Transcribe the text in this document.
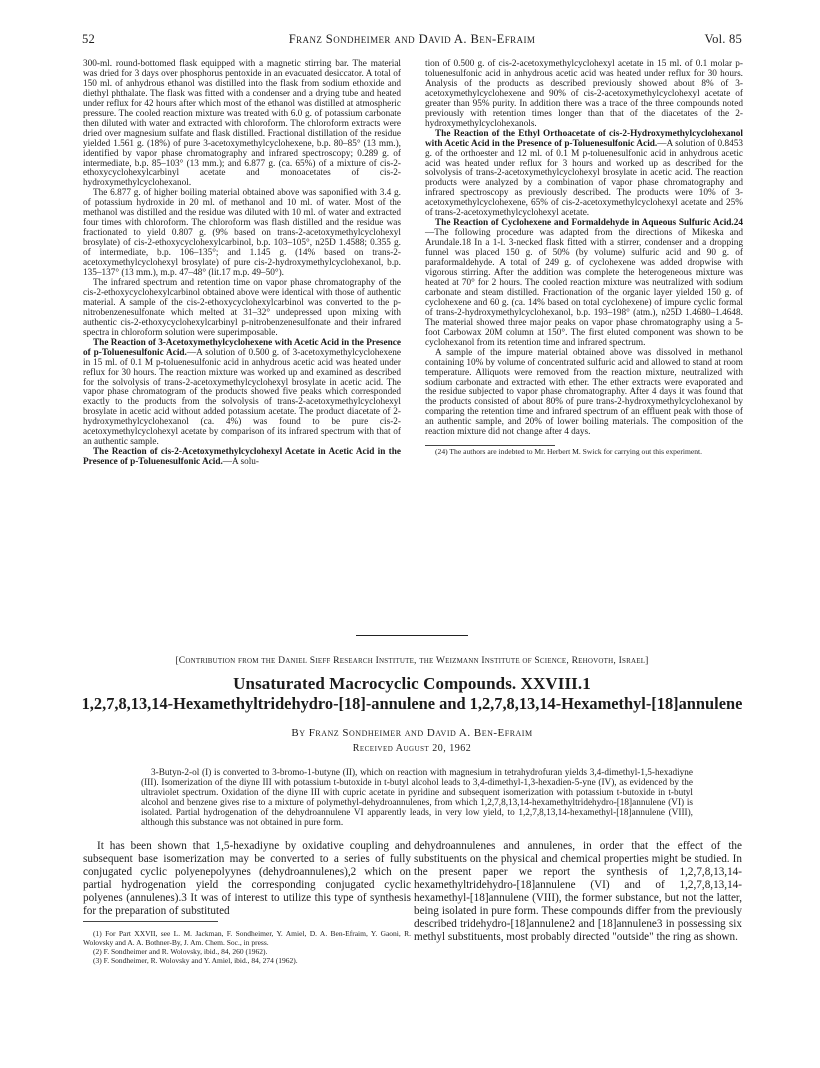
52	Franz Sondheimer and David A. Ben-Efraim	Vol. 85

300-ml. round-bottomed flask equipped with a magnetic stirring bar. The material was dried for 3 days over phosphorus pentoxide in an evacuated desiccator. A total of 150 ml. of anhydrous ethanol was distilled into the flask from sodium ethoxide and diethyl phthalate. The flask was fitted with a condenser and a drying tube and heated under reflux for 42 hours after which most of the ethanol was distilled at atmospheric pressure. The cooled reaction mixture was treated with 6.0 g. of potassium carbonate then diluted with water and extracted with chloroform. The chloroform extracts were dried over magnesium sulfate and flask distilled. Fractional distillation of the residue yielded 1.561 g. (18%) of pure 3-acetoxymethylcyclohexene, b.p. 80–85° (13 mm.), identified by vapor phase chromatography and infrared spectroscopy; 0.289 g. of intermediate, b.p. 85–103° (13 mm.); and 6.877 g. (ca. 65%) of a mixture of cis-2-ethoxycyclohexylcarbinyl acetate and monoacetates of cis-2-hydroxymethylcyclohexanol.

The 6.877 g. of higher boiling material obtained above was saponified with 3.4 g. of potassium hydroxide in 20 ml. of methanol and 10 ml. of water. Most of the methanol was distilled and the residue was diluted with 10 ml. of water and extracted four times with chloroform. The chloroform was flash distilled and the residue was fractionated to yield 0.807 g. (9% based on trans-2-acetoxymethylcyclohexyl brosylate) of cis-2-ethoxycyclohexylcarbinol, b.p. 103–105°, n25D 1.4588; 0.355 g. of intermediate, b.p. 106–135°; and 1.145 g. (14% based on trans-2-acetoxymethylcyclohexyl brosylate) of pure cis-2-hydroxymethylcyclohexanol, b.p. 135–137° (13 mm.), m.p. 47–48° (lit.17 m.p. 49–50°).

The infrared spectrum and retention time on vapor phase chromatography of the cis-2-ethoxycyclohexylcarbinol obtained above were identical with those of authentic material. A sample of the cis-2-ethoxycyclohexylcarbinol was converted to the p-nitrobenzenesulfonate which melted at 31–32° undepressed upon mixing with authentic cis-2-ethoxycyclohexylcarbinyl p-nitrobenzenesulfonate and their infrared spectra in chloroform solution were superimposable.

The Reaction of 3-Acetoxymethylcyclohexene with Acetic Acid in the Presence of p-Toluenesulfonic Acid.—A solution of 0.500 g. of 3-acetoxymethylcyclohexene in 15 ml. of 0.1 M p-toluenesulfonic acid in anhydrous acetic acid was heated under reflux for 30 hours. The reaction mixture was worked up and examined as described for the solvolysis of trans-2-acetoxymethylcyclohexyl brosylate in acetic acid. The vapor phase chromatogram of the products showed five peaks which corresponded exactly to the products from the solvolysis of trans-2-acetoxymethylcyclohexyl brosylate in acetic acid without added potassium acetate. The product diacetate of 2-hydroxymethylcyclohexanol (ca. 4%) was found to be pure cis-2-acetoxymethylcyclohexyl acetate by comparison of its infrared spectrum with that of an authentic sample.

The Reaction of cis-2-Acetoxymethylcyclohexyl Acetate in Acetic Acid in the Presence of p-Toluenesulfonic Acid.—A solu-

tion of 0.500 g. of cis-2-acetoxymethylcyclohexyl acetate in 15 ml. of 0.1 molar p-toluenesulfonic acid in anhydrous acetic acid was heated under reflux for 30 hours. Analysis of the products as described previously showed about 8% of 3-acetoxymethylcyclohexene and 90% of cis-2-acetoxymethylcyclohexyl acetate of greater than 95% purity. In addition there was a trace of the three compounds noted previously with retention times longer than that of the diacetates of the 2-hydroxymethylcyclohexanols.

The Reaction of the Ethyl Orthoacetate of cis-2-Hydroxymethylcyclohexanol with Acetic Acid in the Presence of p-Toluenesulfonic Acid.—A solution of 0.8453 g. of the orthoester and 12 ml. of 0.1 M p-toluenesulfonic acid in anhydrous acetic acid was heated under reflux for 3 hours and worked up as described for the solvolysis of trans-2-acetoxymethylcyclohexyl brosylate in acetic acid. The reaction products were analyzed by a combination of vapor phase chromatography and infrared spectroscopy as previously described. The products were 10% of 3-acetoxymethylcyclohexene, 65% of cis-2-acetoxymethylcyclohexyl acetate and 25% of trans-2-acetoxymethylcyclohexyl acetate.

The Reaction of Cyclohexene and Formaldehyde in Aqueous Sulfuric Acid.24—The following procedure was adapted from the directions of Mikeska and Arundale.18 In a 1-l. 3-necked flask fitted with a stirrer, condenser and a dropping funnel was placed 150 g. of 50% (by volume) sulfuric acid and 90 g. of paraformaldehyde. A total of 249 g. of cyclohexene was added dropwise with vigorous stirring. After the addition was complete the heterogeneous mixture was heated at 70° for 2 hours. The cooled reaction mixture was neutralized with sodium carbonate and steam distilled. Fractionation of the organic layer yielded 150 g. of cyclohexene and 60 g. (ca. 14% based on total cyclohexene) of impure cyclic formal of trans-2-hydroxymethylcyclohexanol, b.p. 193–198° (atm.), n25D 1.4680–1.4648. The material showed three major peaks on vapor phase chromatography using a 5-foot Carbowax 20M column at 150°. The first eluted component was shown to be cyclohexanol from its retention time and infrared spectrum.

A sample of the impure material obtained above was dissolved in methanol containing 10% by volume of concentrated sulfuric acid and allowed to stand at room temperature. Alliquots were removed from the reaction mixture, neutralized with sodium carbonate and extracted with ether. The ether extracts were evaporated and the residue subjected to vapor phase chromatography. After 4 days it was found that the products consisted of about 80% of pure trans-2-hydroxymethylcyclohexanol by comparing the retention time and infrared spectrum of an effluent peak with those of an authentic sample, and 20% of lower boiling materials. The composition of the reaction mixture did not change after 4 days.

(24) The authors are indebted to Mr. Herbert M. Swick for carrying out this experiment.

[Contribution from the Daniel Sieff Research Institute, the Weizmann Institute of Science, Rehovoth, Israel]
Unsaturated Macrocyclic Compounds. XXVIII.1
1,2,7,8,13,14-Hexamethyltridehydro-[18]-annulene and 1,2,7,8,13,14-Hexamethyl-[18]annulene
By Franz Sondheimer and David A. Ben-Efraim
Received August 20, 1962

3-Butyn-2-ol (I) is converted to 3-bromo-1-butyne (II), which on reaction with magnesium in tetrahydrofuran yields 3,4-dimethyl-1,5-hexadiyne (III). Isomerization of the diyne III with potassium t-butoxide in t-butyl alcohol leads to 3,4-dimethyl-1,3-hexadien-5-yne (IV), as evidenced by the ultraviolet spectrum. Oxidation of the diyne III with cupric acetate in pyridine and subsequent isomerization with potassium t-butoxide in t-butyl alcohol and benzene gives rise to a mixture of polymethyl-dehydroannulenes, from which 1,2,7,8,13,14-hexamethyltridehydro-[18]annulene (VI) is isolated. Partial hydrogenation of the dehydroannulene VI apparently leads, in very low yield, to 1,2,7,8,13,14-hexamethyl-[18]annulene (VIII), although this substance was not obtained in pure form.

It has been shown that 1,5-hexadiyne by oxidative coupling and subsequent base isomerization may be converted to a series of fully conjugated cyclic polyenepolyynes (dehydroannulenes),2 which on partial hydrogenation yield the corresponding conjugated cyclic polyenes (annulenes).3 It was of interest to utilize this type of synthesis for the preparation of substituted

(1) For Part XXVII, see L. M. Jackman, F. Sondheimer, Y. Amiel, D. A. Ben-Efraim, Y. Gaoni, R. Wolovsky and A. A. Bothner-By, J. Am. Chem. Soc., in press.
(2) F. Sondheimer and R. Wolovsky, ibid., 84, 260 (1962).
(3) F. Sondheimer, R. Wolovsky and Y. Amiel, ibid., 84, 274 (1962).

dehydroannulenes and annulenes, in order that the effect of the substituents on the physical and chemical properties might be studied. In the present paper we report the synthesis of 1,2,7,8,13,14-hexamethyltridehydro-[18]annulene (VI) and of 1,2,7,8,13,14-hexamethyl-[18]annulene (VIII), the former substance, but not the latter, being isolated in pure form. These compounds differ from the previously described tridehydro-[18]annulene2 and [18]annulene3 in possessing six methyl substituents, most probably directed "outside" the ring as shown.
